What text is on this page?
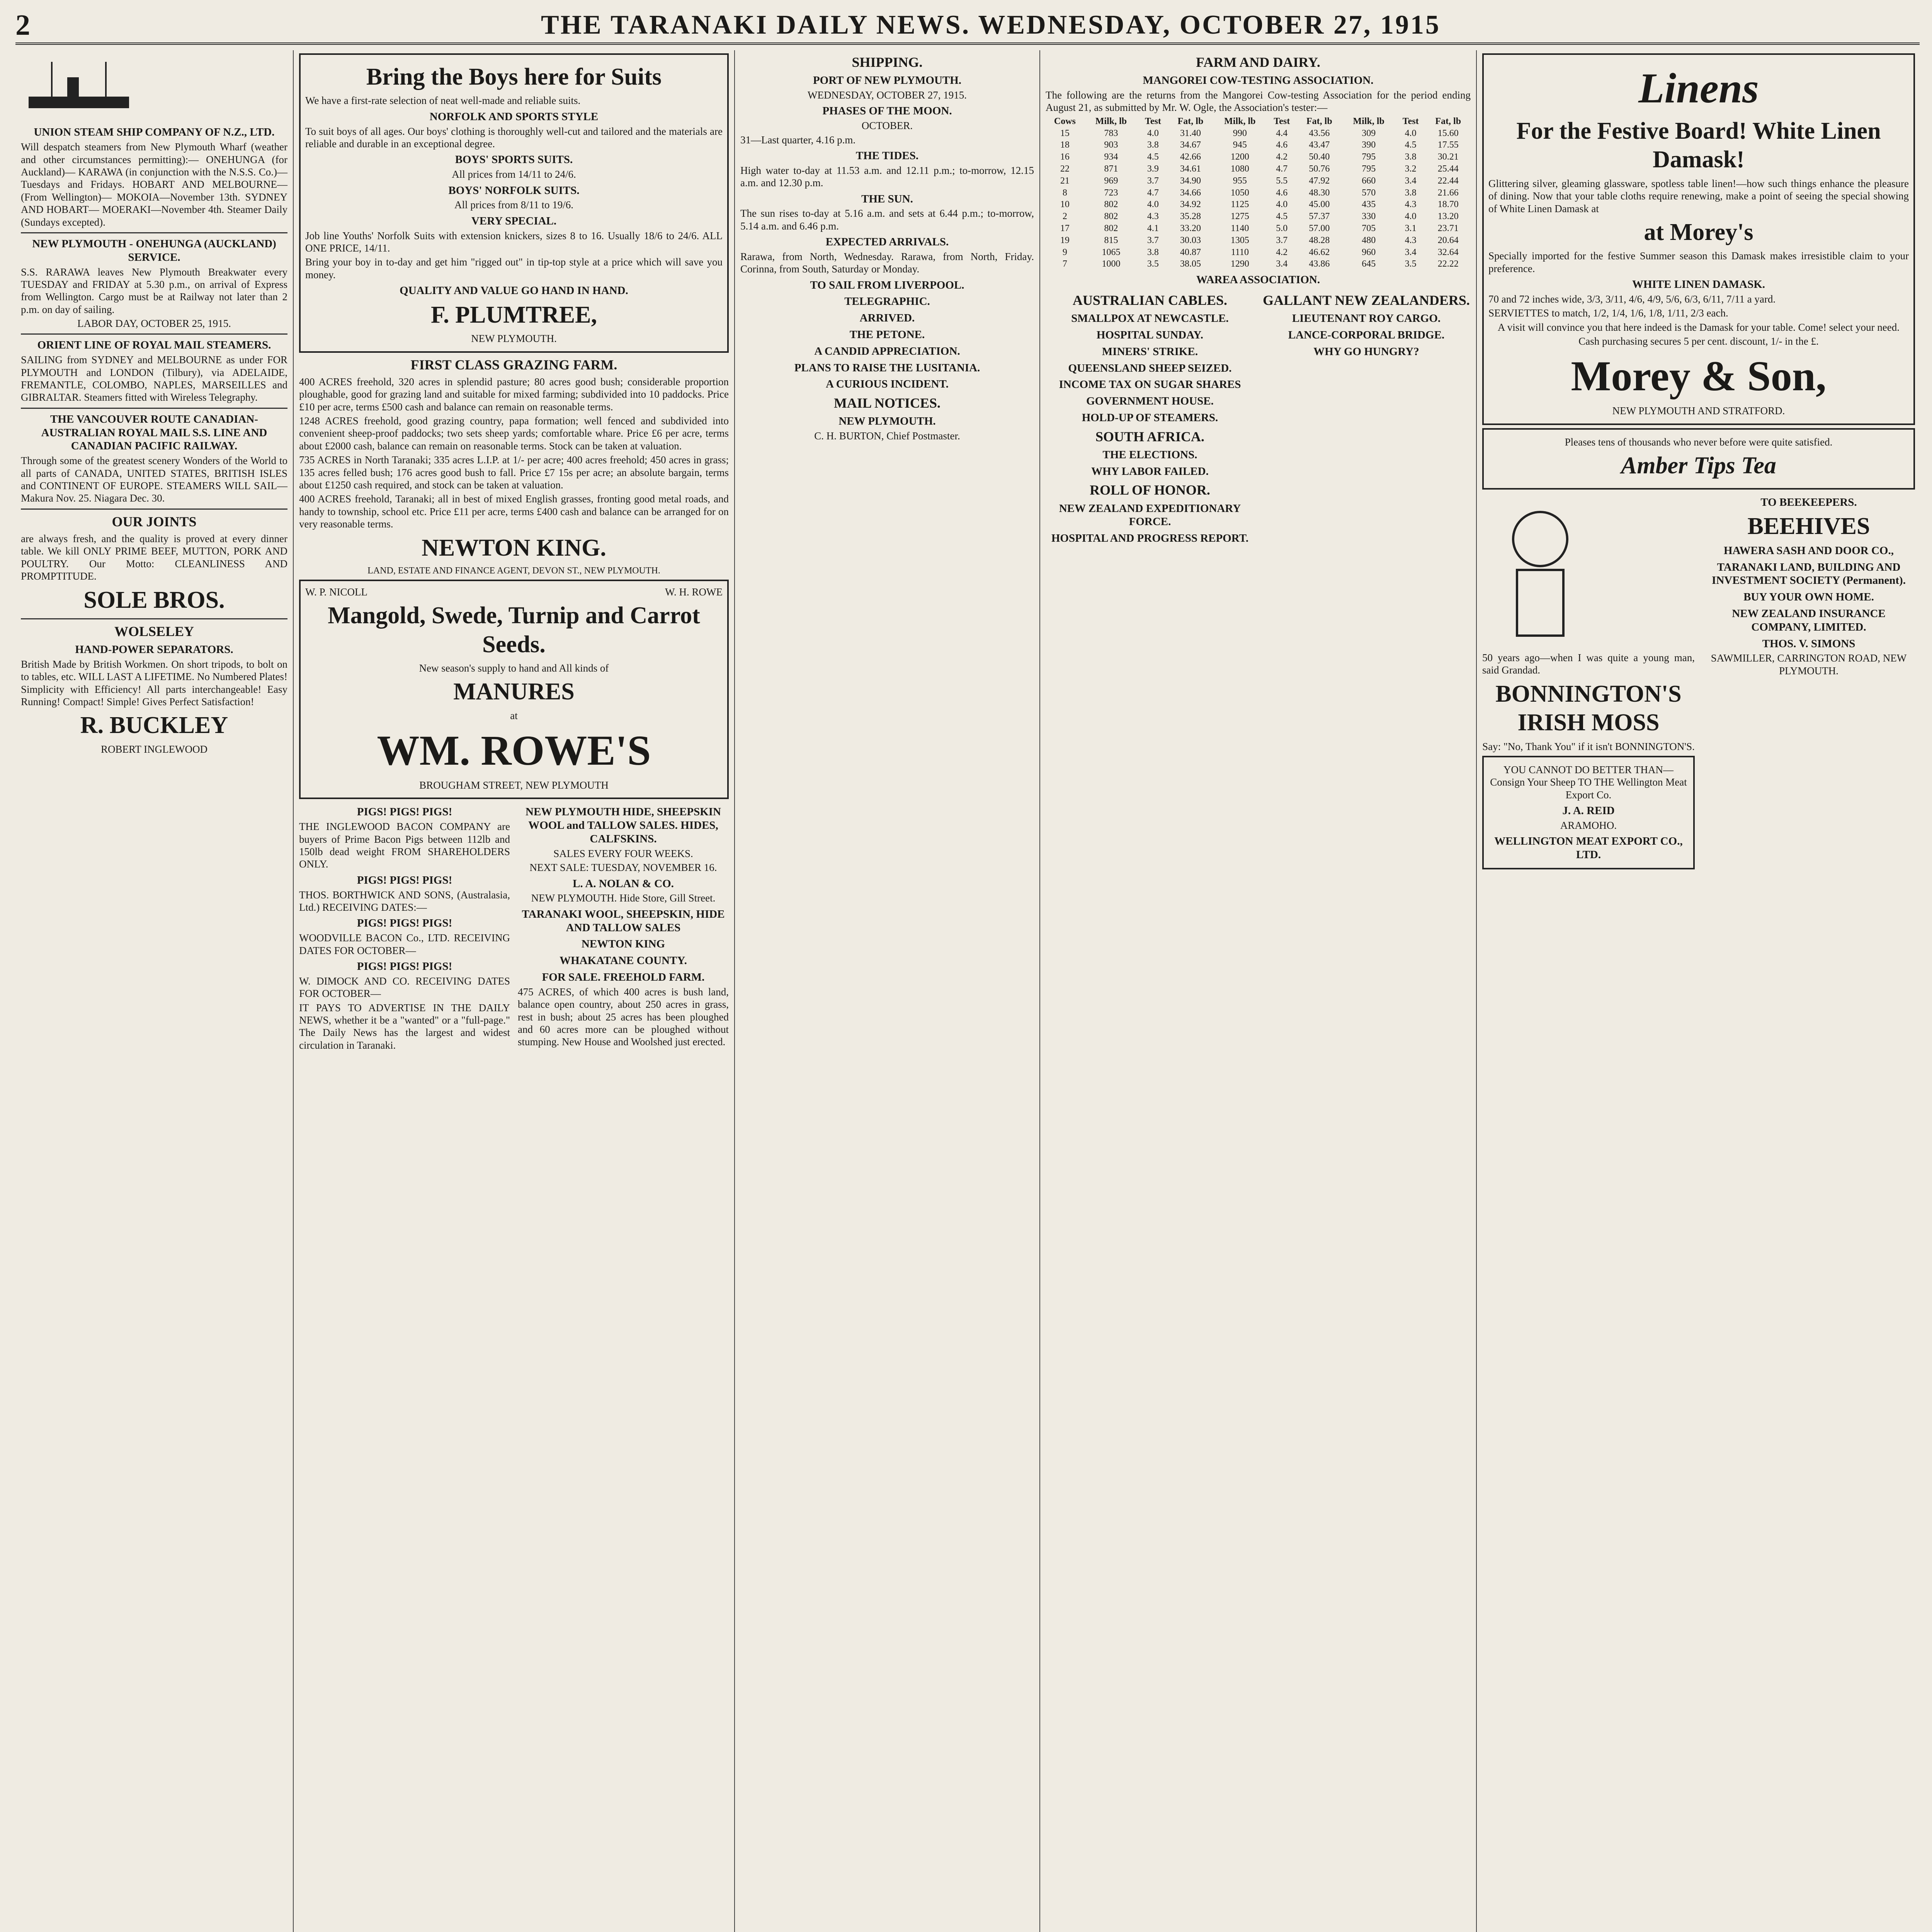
2	THE TARANAKI DAILY NEWS. WEDNESDAY, OCTOBER 27, 1915
UNION STEAM SHIP COMPANY OF N.Z., LTD.

Will despatch steamers from New Plymouth Wharf (weather and other circumstances permitting):— ONEHUNGA (for Auckland)— KARAWA (in conjunction with the N.S.S. Co.)—Tuesdays and Fridays. HOBART AND MELBOURNE— (From Wellington)— MOKOIA—November 13th. SYDNEY AND HOBART— MOERAKI—November 4th. Steamer Daily (Sundays excepted).

NEW PLYMOUTH - ONEHUNGA (AUCKLAND) SERVICE.

S.S. RARAWA leaves New Plymouth Breakwater every TUESDAY and FRIDAY at 5.30 p.m., on arrival of Express from Wellington. Cargo must be at Railway not later than 2 p.m. on day of sailing.

LABOR DAY, OCTOBER 25, 1915.

ORIENT LINE OF ROYAL MAIL STEAMERS.

SAILING from SYDNEY and MELBOURNE as under FOR PLYMOUTH and LONDON (Tilbury), via ADELAIDE, FREMANTLE, COLOMBO, NAPLES, MARSEILLES and GIBRALTAR. Steamers fitted with Wireless Telegraphy.

THE VANCOUVER ROUTE CANADIAN-AUSTRALIAN ROYAL MAIL S.S. LINE AND CANADIAN PACIFIC RAILWAY.

Through some of the greatest scenery Wonders of the World to all parts of CANADA, UNITED STATES, BRITISH ISLES and CONTINENT OF EUROPE. STEAMERS WILL SAIL— Makura Nov. 25. Niagara Dec. 30.

OUR JOINTS

are always fresh, and the quality is proved at every dinner table. We kill ONLY PRIME BEEF, MUTTON, PORK AND POULTRY. Our Motto: CLEANLINESS AND PROMPTITUDE.

SOLE BROS.
WOLSELEY
HAND-POWER SEPARATORS.

British Made by British Workmen. On short tripods, to bolt on to tables, etc. WILL LAST A LIFETIME. No Numbered Plates! Simplicity with Efficiency! All parts interchangeable! Easy Running! Compact! Simple! Gives Perfect Satisfaction!

R. BUCKLEY

ROBERT INGLEWOOD

Bring the Boys here for Suits

We have a first-rate selection of neat well-made and reliable suits.

NORFOLK AND SPORTS STYLE

To suit boys of all ages. Our boys' clothing is thoroughly well-cut and tailored and the materials are reliable and durable in an exceptional degree.

BOYS' SPORTS SUITS.

All prices from 14/11 to 24/6.

BOYS' NORFOLK SUITS.

All prices from 8/11 to 19/6.

VERY SPECIAL.

Job line Youths' Norfolk Suits with extension knickers, sizes 8 to 16. Usually 18/6 to 24/6. ALL ONE PRICE, 14/11.

Bring your boy in to-day and get him "rigged out" in tip-top style at a price which will save you money.

QUALITY AND VALUE GO HAND IN HAND.
F. PLUMTREE,

NEW PLYMOUTH.

FIRST CLASS GRAZING FARM.

400 ACRES freehold, 320 acres in splendid pasture; 80 acres good bush; considerable proportion ploughable, good for grazing land and suitable for mixed farming; subdivided into 10 paddocks. Price £10 per acre, terms £500 cash and balance can remain on reasonable terms.

1248 ACRES freehold, good grazing country, papa formation; well fenced and subdivided into convenient sheep-proof paddocks; two sets sheep yards; comfortable whare. Price £6 per acre, terms about £2000 cash, balance can remain on reasonable terms. Stock can be taken at valuation.

735 ACRES in North Taranaki; 335 acres L.I.P. at 1/- per acre; 400 acres freehold; 450 acres in grass; 135 acres felled bush; 176 acres good bush to fall. Price £7 15s per acre; an absolute bargain, terms about £1250 cash required, and stock can be taken at valuation.

400 ACRES freehold, Taranaki; all in best of mixed English grasses, fronting good metal roads, and handy to township, school etc. Price £11 per acre, terms £400 cash and balance can be arranged for on very reasonable terms.

NEWTON KING.

LAND, ESTATE AND FINANCE AGENT, DEVON ST., NEW PLYMOUTH.

W. P. NICOLL	W. H. ROWE
Mangold, Swede, Turnip and Carrot Seeds.

New season's supply to hand and All kinds of

MANURES

at

WM. ROWE'S

BROUGHAM STREET, NEW PLYMOUTH

PIGS! PIGS! PIGS!

THE INGLEWOOD BACON COMPANY are buyers of Prime Bacon Pigs between 112lb and 150lb dead weight FROM SHAREHOLDERS ONLY.

PIGS! PIGS! PIGS!

THOS. BORTHWICK AND SONS, (Australasia, Ltd.) RECEIVING DATES:—

PIGS! PIGS! PIGS!

WOODVILLE BACON Co., LTD. RECEIVING DATES FOR OCTOBER—

PIGS! PIGS! PIGS!

W. DIMOCK AND CO. RECEIVING DATES FOR OCTOBER—

IT PAYS TO ADVERTISE IN THE DAILY NEWS, whether it be a "wanted" or a "full-page." The Daily News has the largest and widest circulation in Taranaki.

NEW PLYMOUTH HIDE, SHEEPSKIN WOOL and TALLOW SALES. HIDES, CALFSKINS.

SALES EVERY FOUR WEEKS.

NEXT SALE: TUESDAY, NOVEMBER 16.

L. A. NOLAN & CO.

NEW PLYMOUTH. Hide Store, Gill Street.

TARANAKI WOOL, SHEEPSKIN, HIDE AND TALLOW SALES
NEWTON KING
WHAKATANE COUNTY.
FOR SALE. FREEHOLD FARM.

475 ACRES, of which 400 acres is bush land, balance open country, about 250 acres in grass, rest in bush; about 25 acres has been ploughed and 60 acres more can be ploughed without stumping. New House and Woolshed just erected.

SHIPPING.
PORT OF NEW PLYMOUTH.

WEDNESDAY, OCTOBER 27, 1915.

PHASES OF THE MOON.

OCTOBER.

31—Last quarter, 4.16 p.m.

THE TIDES.

High water to-day at 11.53 a.m. and 12.11 p.m.; to-morrow, 12.15 a.m. and 12.30 p.m.

THE SUN.

The sun rises to-day at 5.16 a.m. and sets at 6.44 p.m.; to-morrow, 5.14 a.m. and 6.46 p.m.

EXPECTED ARRIVALS.

Rarawa, from North, Wednesday. Rarawa, from North, Friday. Corinna, from South, Saturday or Monday.

TO SAIL FROM LIVERPOOL.
TELEGRAPHIC.
ARRIVED.
THE PETONE.
A CANDID APPRECIATION.
PLANS TO RAISE THE LUSITANIA.
A CURIOUS INCIDENT.
MAIL NOTICES.
NEW PLYMOUTH.

C. H. BURTON, Chief Postmaster.

FARM AND DAIRY.
MANGOREI COW-TESTING ASSOCIATION.

The following are the returns from the Mangorei Cow-testing Association for the period ending August 21, as submitted by Mr. W. Ogle, the Association's tester:—

Cows	Milk, lb	Test	Fat, lb	Milk, lb	Test	Fat, lb	Milk, lb	Test	Fat, lb
15	783	4.0	31.40	990	4.4	43.56	309	4.0	15.60
18	903	3.8	34.67	945	4.6	43.47	390	4.5	17.55
16	934	4.5	42.66	1200	4.2	50.40	795	3.8	30.21
22	871	3.9	34.61	1080	4.7	50.76	795	3.2	25.44
21	969	3.7	34.90	955	5.5	47.92	660	3.4	22.44
8	723	4.7	34.66	1050	4.6	48.30	570	3.8	21.66
10	802	4.0	34.92	1125	4.0	45.00	435	4.3	18.70
2	802	4.3	35.28	1275	4.5	57.37	330	4.0	13.20
17	802	4.1	33.20	1140	5.0	57.00	705	3.1	23.71
19	815	3.7	30.03	1305	3.7	48.28	480	4.3	20.64
9	1065	3.8	40.87	1110	4.2	46.62	960	3.4	32.64
7	1000	3.5	38.05	1290	3.4	43.86	645	3.5	22.22
WAREA ASSOCIATION.
AUSTRALIAN CABLES.
SMALLPOX AT NEWCASTLE.
HOSPITAL SUNDAY.
MINERS' STRIKE.
QUEENSLAND SHEEP SEIZED.
INCOME TAX ON SUGAR SHARES
GOVERNMENT HOUSE.
HOLD-UP OF STEAMERS.
SOUTH AFRICA.
THE ELECTIONS.
WHY LABOR FAILED.
ROLL OF HONOR.
NEW ZEALAND EXPEDITIONARY FORCE.
HOSPITAL AND PROGRESS REPORT.
GALLANT NEW ZEALANDERS.
LIEUTENANT ROY CARGO.
LANCE-CORPORAL BRIDGE.
WHY GO HUNGRY?
Linens
For the Festive Board! White Linen Damask!

Glittering silver, gleaming glassware, spotless table linen!—how such things enhance the pleasure of dining. Now that your table cloths require renewing, make a point of seeing the special showing of White Linen Damask at

at Morey's

Specially imported for the festive Summer season this Damask makes irresistible claim to your preference.

WHITE LINEN DAMASK.

70 and 72 inches wide, 3/3, 3/11, 4/6, 4/9, 5/6, 6/3, 6/11, 7/11 a yard.

SERVIETTES to match, 1/2, 1/4, 1/6, 1/8, 1/11, 2/3 each.

A visit will convince you that here indeed is the Damask for your table. Come! select your need.

Cash purchasing secures 5 per cent. discount, 1/- in the £.

Morey & Son,

NEW PLYMOUTH AND STRATFORD.

Pleases tens of thousands who never before were quite satisfied.

Amber Tips Tea

50 years ago—when I was quite a young man, said Grandad.

BONNINGTON'S IRISH MOSS

Say: "No, Thank You" if it isn't BONNINGTON'S.

YOU CANNOT DO BETTER THAN— Consign Your Sheep TO THE Wellington Meat Export Co.

J. A. REID

ARAMOHO.

WELLINGTON MEAT EXPORT CO., LTD.
TO BEEKEEPERS.
BEEHIVES
HAWERA SASH AND DOOR CO.,
TARANAKI LAND, BUILDING AND INVESTMENT SOCIETY (Permanent).
BUY YOUR OWN HOME.
NEW ZEALAND INSURANCE COMPANY, LIMITED.
THOS. V. SIMONS

SAWMILLER, CARRINGTON ROAD, NEW PLYMOUTH.
